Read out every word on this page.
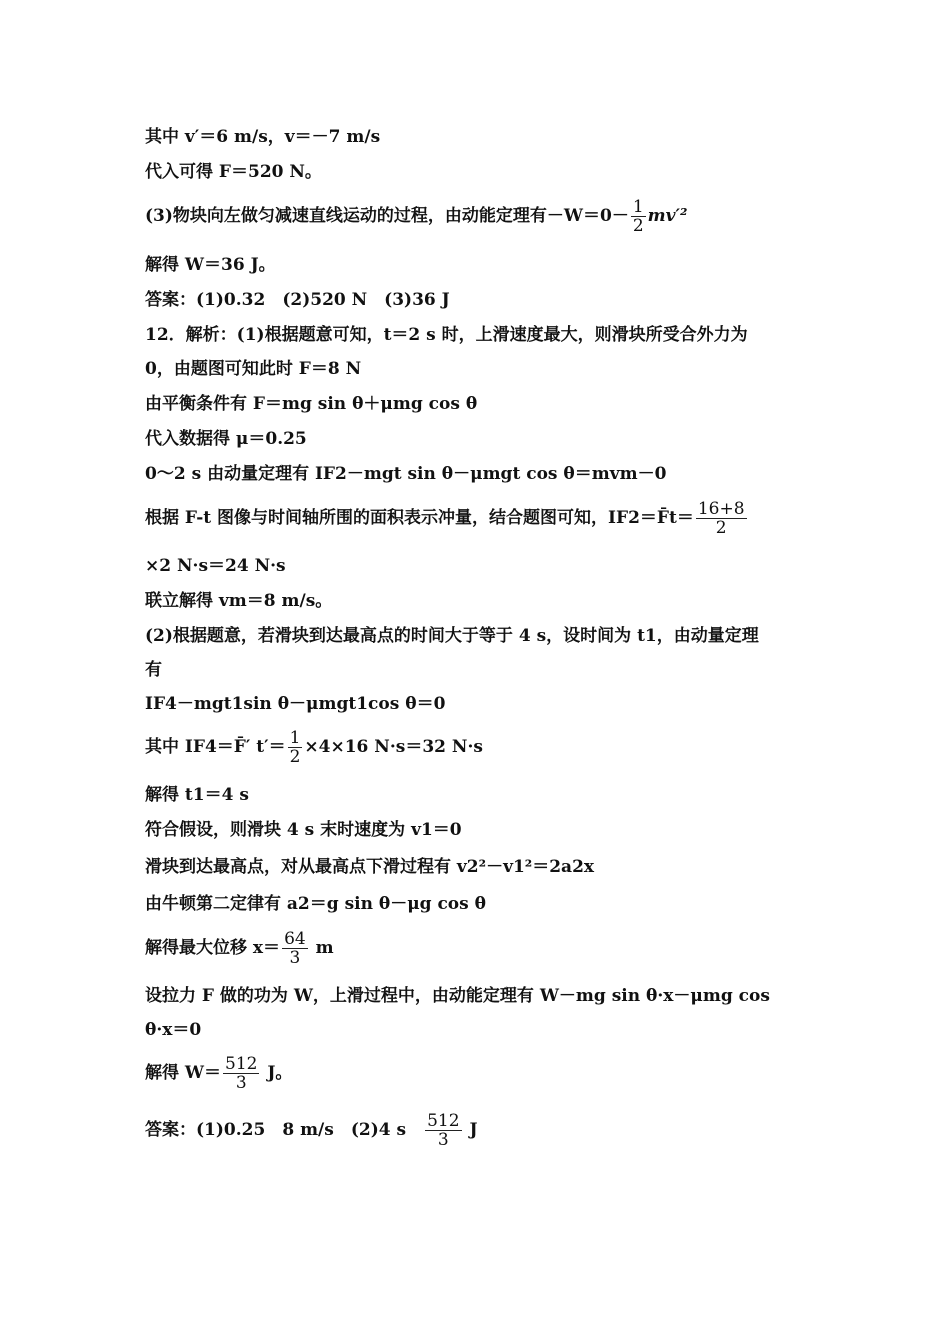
其中 v′＝6 m/s，v＝－7 m/s
代入可得 F＝520 N。
(3)物块向左做匀减速直线运动的过程，由动能定理有$-W=0- \frac{1}{2} mv'^2$
解得 W＝36 J。
答案：(1)0.32　(2)520 N　(3)36 J
12．解析：(1)根据题意可知，t＝2 s 时，上滑速度最大，则滑块所受合外力为
0，由题图可知此时 F＝8 N
由平衡条件有 F＝mg sin θ＋μmg cos θ
代入数据得 μ＝0.25
0～2 s 由动量定理有 IF2－mgt sin θ－μmgt cos θ＝mvm－0
根据 F-t 图像与时间轴所围的面积表示冲量，结合题图可知，IF2＝F̄t＝ $\frac{16+8}{2}$
×2 N·s＝24 N·s
联立解得 vm＝8 m/s。
(2)根据题意，若滑块到达最高点的时间大于等于 4 s，设时间为 t1，由动量定理
有
IF4－mgt1sin θ－μmgt1cos θ＝0
其中 IF4＝F̄′ $t'= \frac{1}{2} \times 4\times 16$ N·s＝32 N·s
解得 t1＝4 s
符合假设，则滑块 4 s 末时速度为 v1＝0
滑块到达最高点，对从最高点下滑过程有 v2²－v1²＝2a2x
由牛顿第二定律有 a2＝g sin θ－μg cos θ
解得最大位移 $x= \frac{64}{3}$ m
设拉力 F 做的功为 W，上滑过程中，由动能定理有 W－mg sin θ·x－μmg cos
θ·x＝0
解得 $W= \frac{512}{3}$ J。
答案：(1)0.25　8 m/s　(2)4 s　 $\frac{512}{3}$ J
